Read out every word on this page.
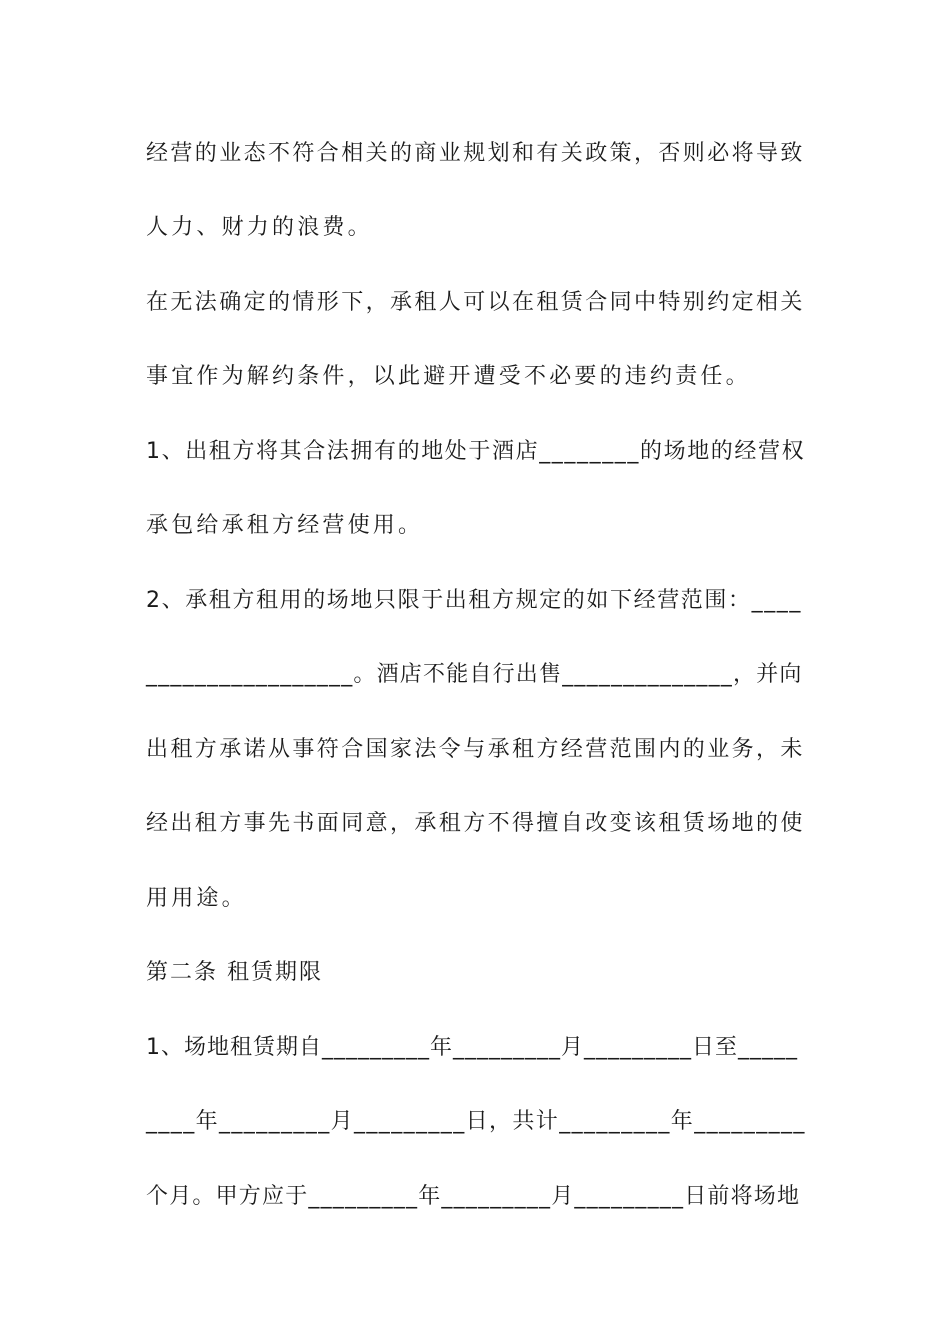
经营的业态不符合相关的商业规划和有关政策，否则必将导致
人力、财力的浪费。
在无法确定的情形下，承租人可以在租赁合同中特别约定相关
事宜作为解约条件，以此避开遭受不必要的违约责任。
1、出租方将其合法拥有的地处于酒店________的场地的经营权
承包给承租方经营使用。
2、承租方租用的场地只限于出租方规定的如下经营范围：____
_________________。酒店不能自行出售______________，并向
出租方承诺从事符合国家法令与承租方经营范围内的业务，未
经出租方事先书面同意，承租方不得擅自改变该租赁场地的使
用用途。
第二条 租赁期限
1、场地租赁期自_________年_________月_________日至_____
____年_________月_________日，共计_________年_________
个月。甲方应于_________年_________月_________日前将场地
